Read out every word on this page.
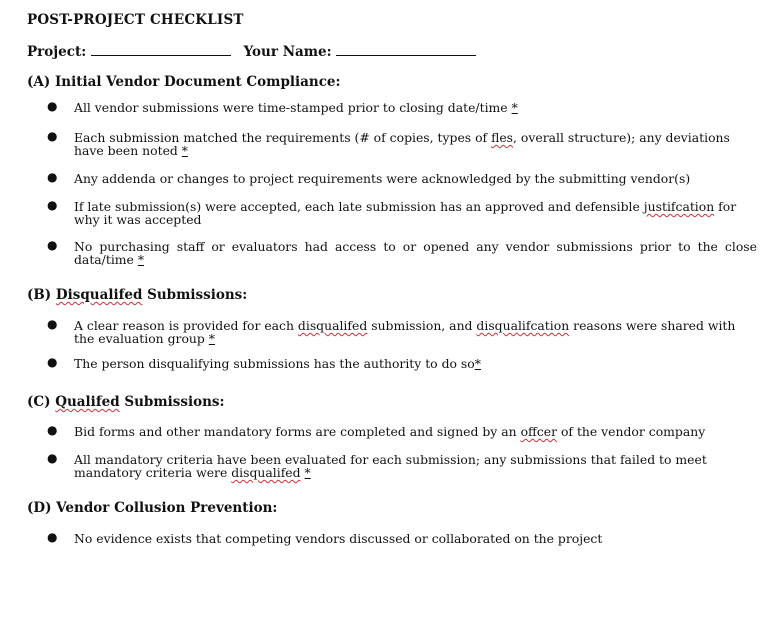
POST-PROJECT CHECKLIST
Project:	Your Name:
(A) Initial Vendor Document Compliance:
● All vendor submissions were time-stamped prior to closing date/time *
● Each submission matched the requirements (# of copies, types of fles, overall structure); any deviations have been noted *
● Any addenda or changes to project requirements were acknowledged by the submitting vendor(s)
● If late submission(s) were accepted, each late submission has an approved and defensible justifcation for why it was accepted
● No purchasing staff or evaluators had access to or opened any vendor submissions prior to the close data/time *
(B) Disqualifed Submissions:
● A clear reason is provided for each disqualifed submission, and disqualifcation reasons were shared with the evaluation group *
● The person disqualifying submissions has the authority to do so*
(C) Qualifed Submissions:
● Bid forms and other mandatory forms are completed and signed by an offcer of the vendor company
● All mandatory criteria have been evaluated for each submission; any submissions that failed to meet mandatory criteria were disqualifed *
(D) Vendor Collusion Prevention:
● No evidence exists that competing vendors discussed or collaborated on the project
